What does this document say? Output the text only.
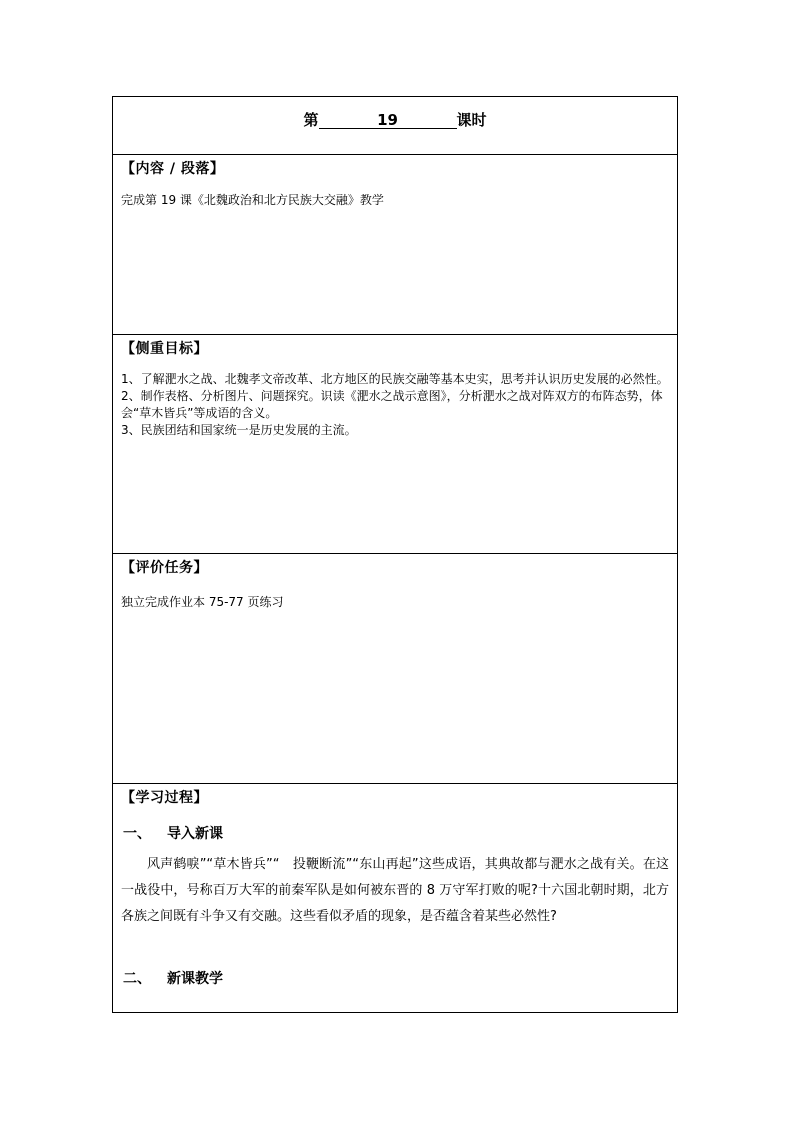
第	19	课时
【内容 / 段落】
完成第 19 课《北魏政治和北方民族大交融》教学
【侧重目标】
1、了解淝水之战、北魏孝文帝改革、北方地区的民族交融等基本史实，思考并认识历史发展的必然性。
2、制作表格、分析图片、问题探究。识读《淝水之战示意图》，分析淝水之战对阵双方的布阵态势，体会“草木皆兵”等成语的含义。
3、民族团结和国家统一是历史发展的主流。
【评价任务】
独立完成作业本 75-77 页练习
【学习过程】
一、 导入新课
风声鹤唳”“草木皆兵”“　投鞭断流”“东山再起”这些成语，其典故都与淝水之战有关。在这一战役中，号称百万大军的前秦军队是如何被东晋的 8 万守军打败的呢?十六国北朝时期，北方各族之间既有斗争又有交融。这些看似矛盾的现象，是否蕴含着某些必然性?
二、 新课教学
